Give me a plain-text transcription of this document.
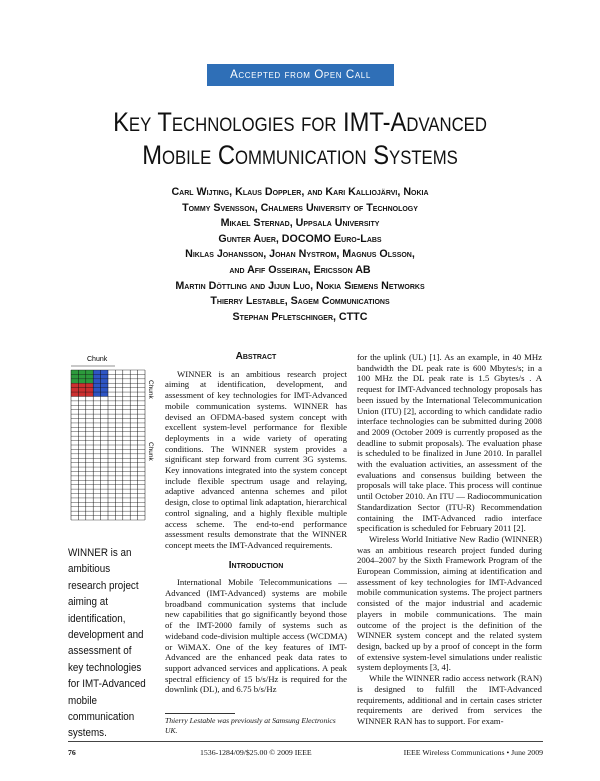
Accepted from Open Call
Key Technologies for IMT-Advanced
Mobile Communication Systems
Carl Wijting, Klaus Doppler, and Kari Kalliojärvi, Nokia
Tommy Svensson, Chalmers University of Technology
Mikael Sternad, Uppsala University
Gunter Auer, DOCOMO Euro-Labs
Niklas Johansson, Johan Nystrom, Magnus Olsson,
and Afif Osseiran, Ericsson AB
Martin Döttling and Jijun Luo, Nokia Siemens Networks
Thierry Lestable, Sagem Communications
Stephan Pfletschinger, CTTC
Chunk
Chunk
Chunk
WINNER is an ambitious research project aiming at identification, development and assessment of key technologies for IMT-Advanced mobile communication systems.
Abstract

WINNER is an ambitious research project aiming at identification, development, and assessment of key technologies for IMT-Advanced mobile communication systems. WINNER has devised an OFDMA-based system concept with excellent system-level performance for flexible deployments in a wide variety of operating conditions. The WINNER system provides a significant step forward from current 3G systems. Key innovations integrated into the system concept include flexible spectrum usage and relaying, adaptive advanced antenna schemes and pilot design, close to optimal link adaptation, hierarchical control signaling, and a highly flexible multiple access scheme. The end-to-end performance assessment results demonstrate that the WINNER concept meets the IMT-Advanced requirements.

Introduction

International Mobile Telecommunications — Advanced (IMT-Advanced) systems are mobile broadband communication systems that include new capabilities that go significantly beyond those of the IMT-2000 family of systems such as wideband code-division multiple access (WCDMA) or WiMAX. One of the key features of IMT-Advanced are the enhanced peak data rates to support advanced services and applications. A peak spectral efficiency of 15 b/s/Hz is required for the downlink (DL), and 6.75 b/s/Hz

Thierry Lestable was previously at Samsung Electronics UK.

for the uplink (UL) [1]. As an example, in 40 MHz bandwidth the DL peak rate is 600 Mbytes/s; in a 100 MHz the DL peak rate is 1.5 Gbytes/s . A request for IMT-Advanced technology proposals has been issued by the International Telecommunication Union (ITU) [2], according to which candidate radio interface technologies can be submitted during 2008 and 2009 (October 2009 is currently proposed as the deadline to submit proposals). The evaluation phase is scheduled to be finalized in June 2010. In parallel with the evaluation activities, an assessment of the evaluations and consensus building between the proposals will take place. This process will continue until October 2010. An ITU — Radiocommunication Standardization Sector (ITU-R) Recommendation containing the IMT-Advanced radio interface specification is scheduled for February 2011 [2].

Wireless World Initiative New Radio (WINNER) was an ambitious research project funded during 2004–2007 by the Sixth Framework Program of the European Commission, aiming at identification and assessment of key technologies for IMT-Advanced mobile communication systems. The project partners consisted of the major industrial and academic players in mobile communications. The main outcome of the project is the definition of the WINNER system concept and the related system design, backed up by a proof of concept in the form of extensive system-level simulations under realistic system deployments [3, 4].

While the WINNER radio access network (RAN) is designed to fulfill the IMT-Advanced requirements, additional and in certain cases stricter requirements are derived from services the WINNER RAN has to support. For exam-

76	1536-1284/09/$25.00 © 2009 IEEE	IEEE Wireless Communications • June 2009
